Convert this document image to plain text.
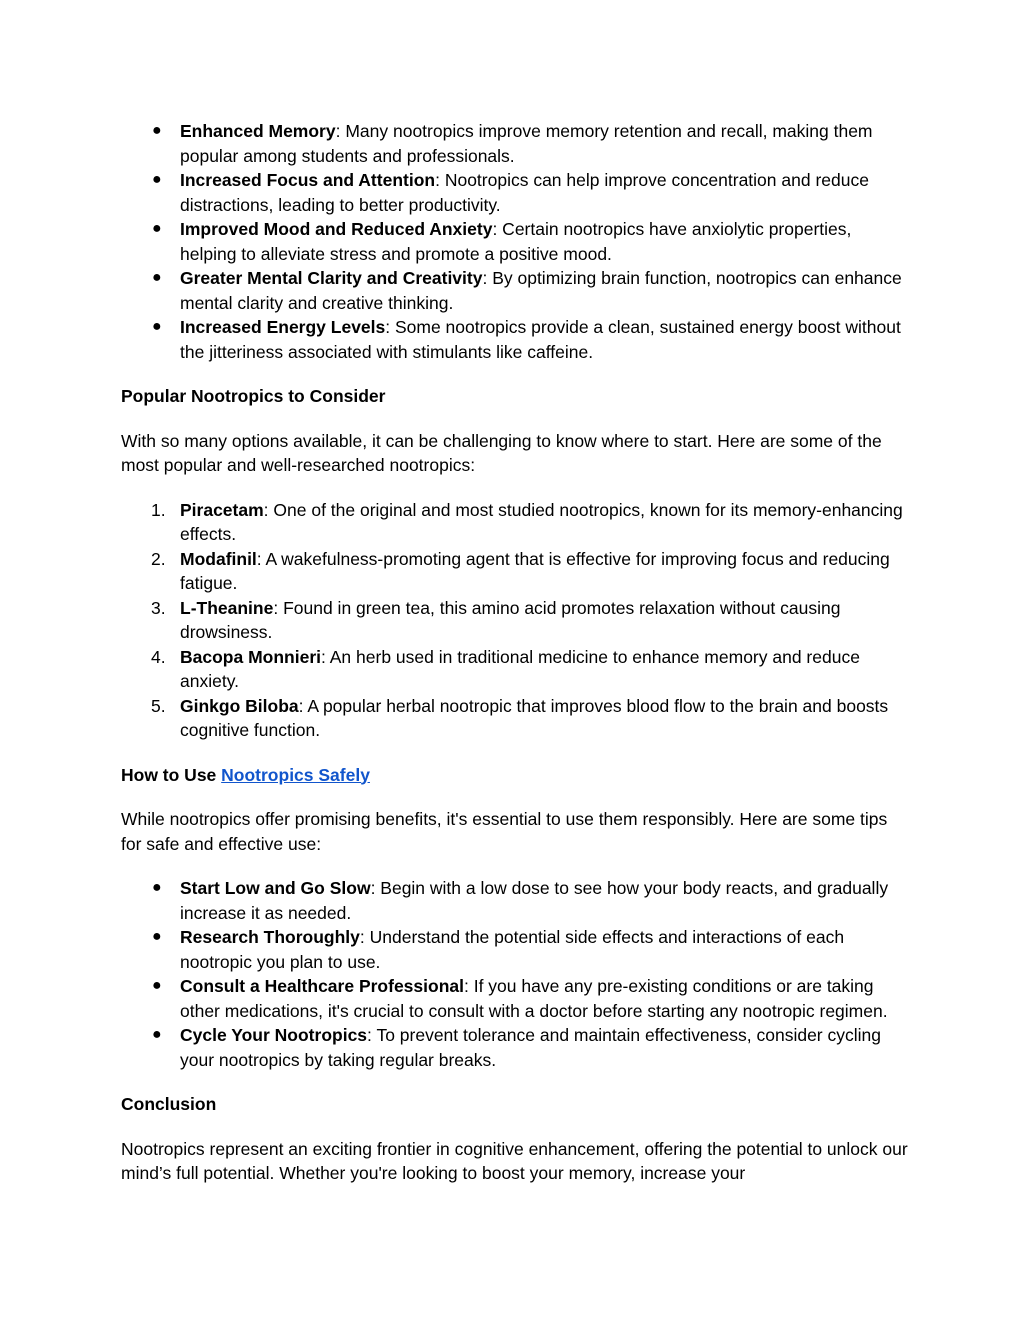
●	Enhanced Memory: Many nootropics improve memory retention and recall, making them popular among students and professionals.
●	Increased Focus and Attention: Nootropics can help improve concentration and reduce distractions, leading to better productivity.
●	Improved Mood and Reduced Anxiety: Certain nootropics have anxiolytic properties, helping to alleviate stress and promote a positive mood.
●	Greater Mental Clarity and Creativity: By optimizing brain function, nootropics can enhance mental clarity and creative thinking.
●	Increased Energy Levels: Some nootropics provide a clean, sustained energy boost without the jitteriness associated with stimulants like caffeine.
Popular Nootropics to Consider

With so many options available, it can be challenging to know where to start. Here are some of the most popular and well-researched nootropics:

1. Piracetam: One of the original and most studied nootropics, known for its memory-enhancing effects.
2. Modafinil: A wakefulness-promoting agent that is effective for improving focus and reducing fatigue.
3. L-Theanine: Found in green tea, this amino acid promotes relaxation without causing drowsiness.
4. Bacopa Monnieri: An herb used in traditional medicine to enhance memory and reduce anxiety.
5. Ginkgo Biloba: A popular herbal nootropic that improves blood flow to the brain and boosts cognitive function.
How to Use Nootropics Safely

While nootropics offer promising benefits, it's essential to use them responsibly. Here are some tips for safe and effective use:

●	Start Low and Go Slow: Begin with a low dose to see how your body reacts, and gradually increase it as needed.
●	Research Thoroughly: Understand the potential side effects and interactions of each nootropic you plan to use.
●	Consult a Healthcare Professional: If you have any pre-existing conditions or are taking other medications, it's crucial to consult with a doctor before starting any nootropic regimen.
●	Cycle Your Nootropics: To prevent tolerance and maintain effectiveness, consider cycling your nootropics by taking regular breaks.
Conclusion

Nootropics represent an exciting frontier in cognitive enhancement, offering the potential to unlock our mind’s full potential. Whether you're looking to boost your memory, increase your
